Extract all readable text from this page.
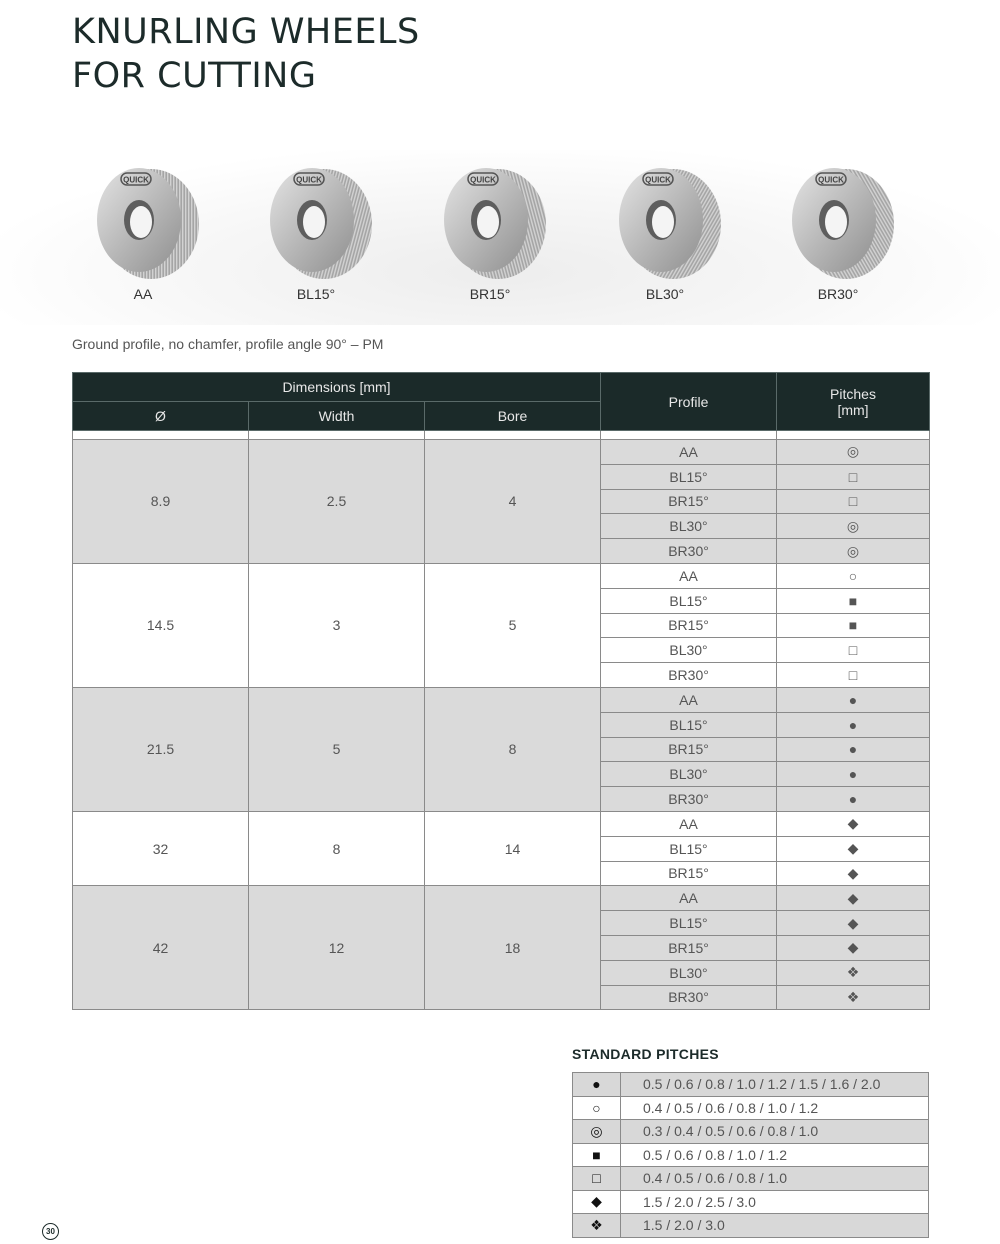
KNURLING WHEELS
FOR CUTTING
QUICK
AA
QUICK
BL15°
QUICK
BR15°
QUICK
BL30°
QUICK
BR30°

Ground profile, no chamfer, profile angle 90° – PM

Dimensions [mm]			Profile	Pitches
[mm]
Ø	Width	Bore		

8.9	2.5	4	AA	◎
			BL15°	□
			BR15°	□
			BL30°	◎
			BR30°	◎
14.5	3	5	AA	○
			BL15°	■
			BR15°	■
			BL30°	□
			BR30°	□
21.5	5	8	AA	●
			BL15°	●
			BR15°	●
			BL30°	●
			BR30°	●
32	8	14	AA	◆
			BL15°	◆
			BR15°	◆
42	12	18	AA	◆
			BL15°	◆
			BR15°	◆
			BL30°	❖
			BR30°	❖
STANDARD PITCHES
●	0.5 / 0.6 / 0.8 / 1.0 / 1.2 / 1.5 / 1.6 / 2.0
○	0.4 / 0.5 / 0.6 / 0.8 / 1.0 / 1.2
◎	0.3 / 0.4 / 0.5 / 0.6 / 0.8 / 1.0
■	0.5 / 0.6 / 0.8 / 1.0 / 1.2
□	0.4 / 0.5 / 0.6 / 0.8 / 1.0
◆	1.5 / 2.0 / 2.5 / 3.0
❖	1.5 / 2.0 / 3.0
30
